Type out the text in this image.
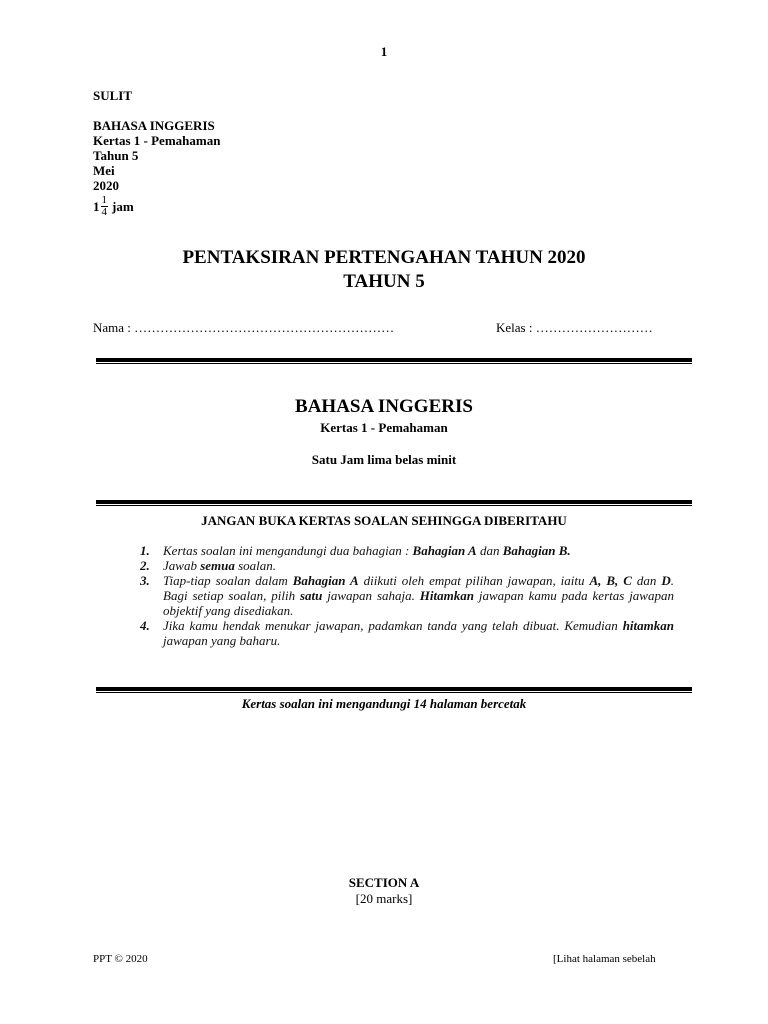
1
SULIT
BAHASA INGGERIS
Kertas 1 - Pemahaman
Tahun 5
Mei
2020
$1 \frac{1}{4}$ jam
PENTAKSIRAN PERTENGAHAN TAHUN 2020
TAHUN 5
Nama : ……………………………………………………	Kelas : ………………………
BAHASA INGGERIS
Kertas 1 - Pemahaman
Satu Jam lima belas minit
JANGAN BUKA KERTAS SOALAN SEHINGGA DIBERITAHU
1. Kertas soalan ini mengandungi dua bahagian : Bahagian A dan Bahagian B.
2. Jawab semua soalan.
3. Tiap-tiap soalan dalam Bahagian A diikuti oleh empat pilihan jawapan, iaitu A, B, C dan D. Bagi setiap soalan, pilih satu jawapan sahaja. Hitamkan jawapan kamu pada kertas jawapan objektif yang disediakan.
4. Jika kamu hendak menukar jawapan, padamkan tanda yang telah dibuat. Kemudian hitamkan jawapan yang baharu.
Kertas soalan ini mengandungi 14 halaman bercetak
SECTION A
[20 marks]
PPT © 2020	[Lihat halaman sebelah
